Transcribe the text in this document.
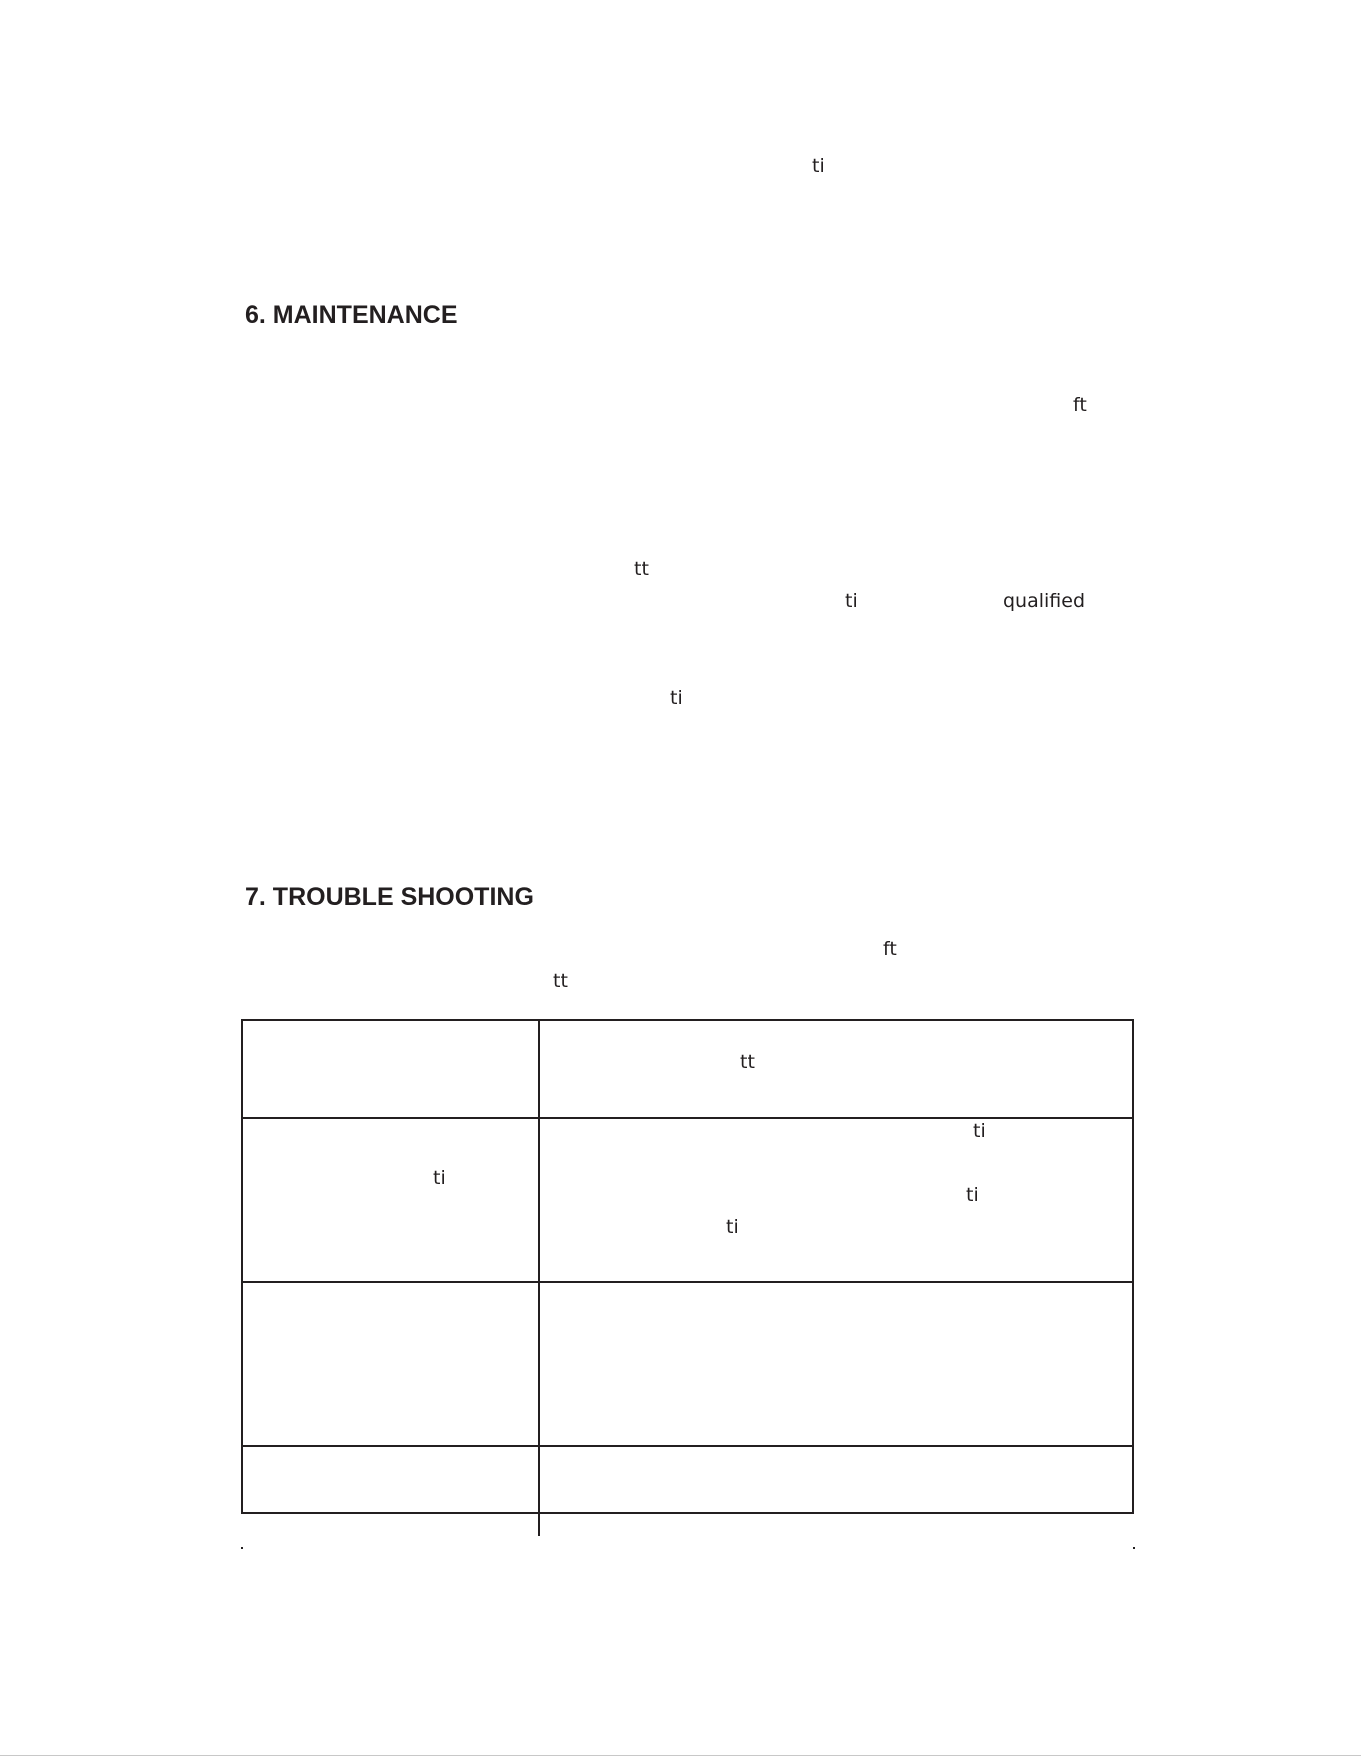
ti
6. MAINTENANCE
ft
tt
ti	qualified
ti
7. TROUBLE SHOOTING
ft
tt
tt
ti
ti
ti
ti
